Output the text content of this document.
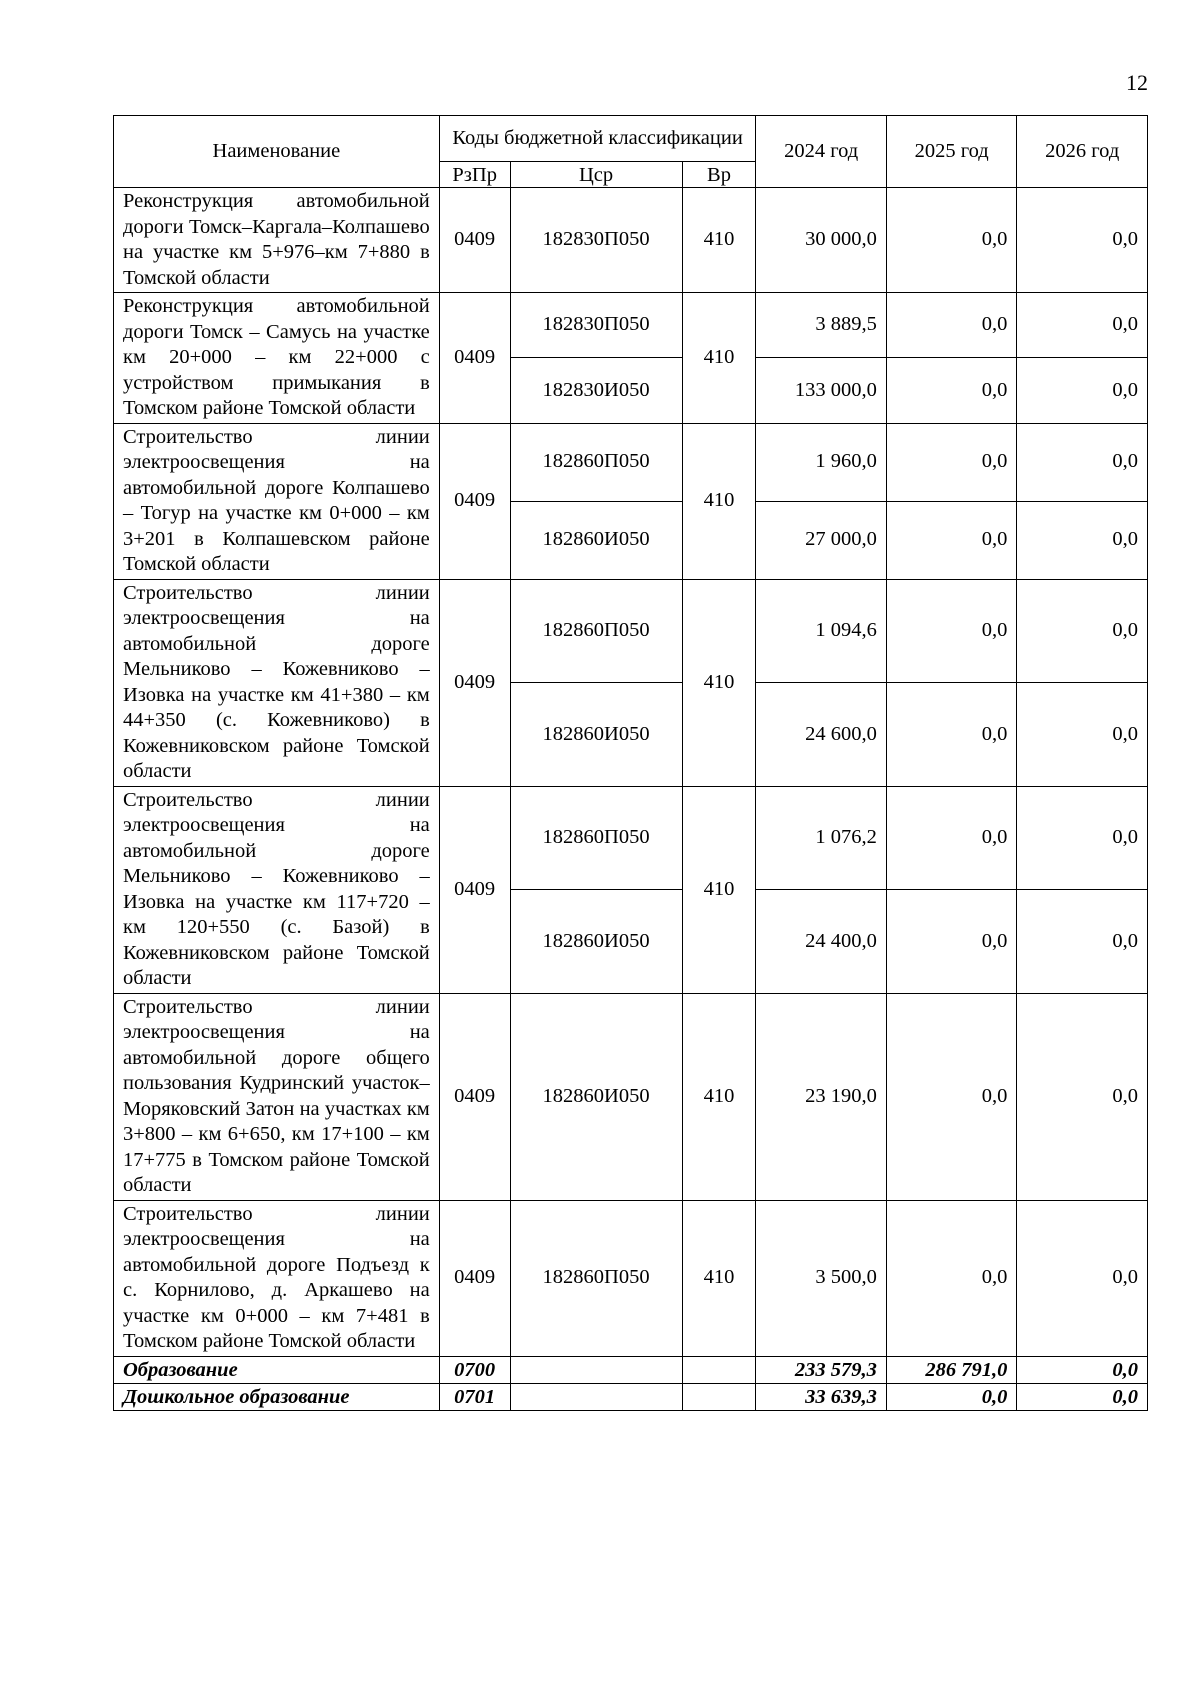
12
Наименование	Коды бюджетной классификации			2024 год	2025 год	2026 год
	РзПр	Цср	Вр			
Реконструкция автомобильной дороги Томск–Каргала–Колпашево на участке км 5+976–км 7+880 в Томской области	0409	182830П050	410	30 000,0	0,0	0,0
Реконструкция автомобильной дороги Томск – Самусь на участке км 20+000 – км 22+000 с устройством примыкания в Томском районе Томской области	0409	182830П050	410	3 889,5	0,0	0,0
		182830И050		133 000,0	0,0	0,0
Строительство линии электроосвещения на автомобильной дороге Колпашево – Тогур на участке км 0+000 – км 3+201 в Колпашевском районе Томской области	0409	182860П050	410	1 960,0	0,0	0,0
		182860И050		27 000,0	0,0	0,0
Строительство линии электроосвещения на автомобильной дороге Мельниково – Кожевниково – Изовка на участке км 41+380 – км 44+350 (с. Кожевниково) в Кожевниковском районе Томской области	0409	182860П050	410	1 094,6	0,0	0,0
		182860И050		24 600,0	0,0	0,0
Строительство линии электроосвещения на автомобильной дороге Мельниково – Кожевниково – Изовка на участке км 117+720 – км 120+550 (с. Базой) в Кожевниковском районе Томской области	0409	182860П050	410	1 076,2	0,0	0,0
		182860И050		24 400,0	0,0	0,0
Строительство линии электроосвещения на автомобильной дороге общего пользования Кудринский участок–Моряковский Затон на участках км 3+800 – км 6+650, км 17+100 – км 17+775 в Томском районе Томской области	0409	182860И050	410	23 190,0	0,0	0,0
Строительство линии электроосвещения на автомобильной дороге Подъезд к с. Корнилово, д. Аркашево на участке км 0+000 – км 7+481 в Томском районе Томской области	0409	182860П050	410	3 500,0	0,0	0,0
Образование	0700			233 579,3	286 791,0	0,0
Дошкольное образование	0701			33 639,3	0,0	0,0
